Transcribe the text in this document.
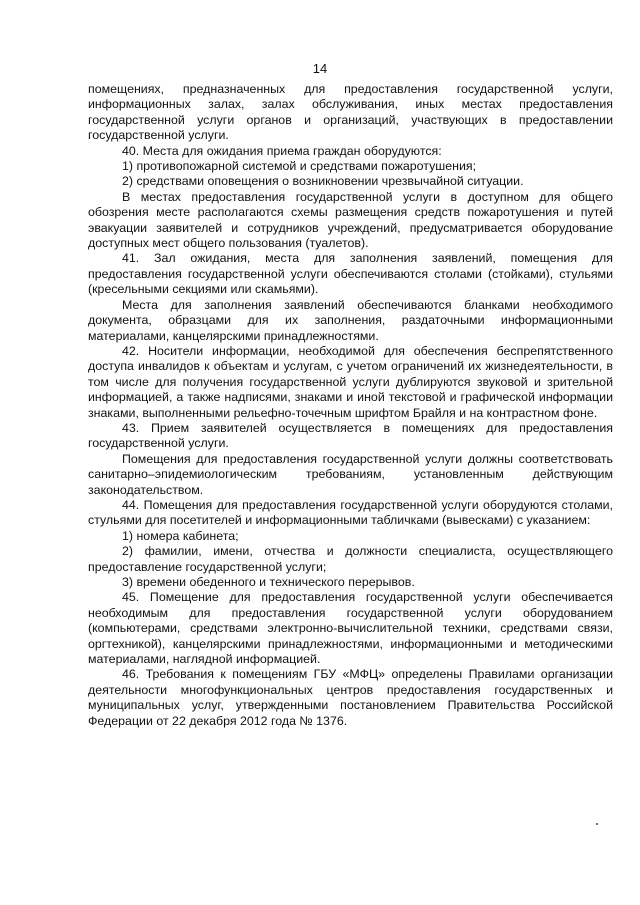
14

помещениях, предназначенных для предоставления государственной услуги, информационных залах, залах обслуживания, иных местах предоставления государственной услуги органов и организаций, участвующих в предоставлении государственной услуги.

40. Места для ожидания приема граждан оборудуются:

1) противопожарной системой и средствами пожаротушения;

2) средствами оповещения о возникновении чрезвычайной ситуации.

В местах предоставления государственной услуги в доступном для общего обозрения месте располагаются схемы размещения средств пожаротушения и путей эвакуации заявителей и сотрудников учреждений, предусматривается оборудование доступных мест общего пользования (туалетов).

41. Зал ожидания, места для заполнения заявлений, помещения для предоставления государственной услуги обеспечиваются столами (стойками), стульями (кресельными секциями или скамьями).

Места для заполнения заявлений обеспечиваются бланками необходимого документа, образцами для их заполнения, раздаточными информационными материалами, канцелярскими принадлежностями.

42. Носители информации, необходимой для обеспечения беспрепятственного доступа инвалидов к объектам и услугам, с учетом ограничений их жизнедеятельности, в том числе для получения государственной услуги дублируются звуковой и зрительной информацией, а также надписями, знаками и иной текстовой и графической информации знаками, выполненными рельефно-точечным шрифтом Брайля и на контрастном фоне.

43. Прием заявителей осуществляется в помещениях для предоставления государственной услуги.

Помещения для предоставления государственной услуги должны соответствовать санитарно–эпидемиологическим требованиям, установленным действующим законодательством.

44. Помещения для предоставления государственной услуги оборудуются столами, стульями для посетителей и информационными табличками (вывесками) с указанием:

1) номера кабинета;

2) фамилии, имени, отчества и должности специалиста, осуществляющего предоставление государственной услуги;

3) времени обеденного и технического перерывов.

45. Помещение для предоставления государственной услуги обеспечивается необходимым для предоставления государственной услуги оборудованием (компьютерами, средствами электронно-вычислительной техники, средствами связи, оргтехникой), канцелярскими принадлежностями, информационными и методическими материалами, наглядной информацией.

46. Требования к помещениям ГБУ «МФЦ» определены Правилами организации деятельности многофункциональных центров предоставления государственных и муниципальных услуг, утвержденными постановлением Правительства Российской Федерации от 22 декабря 2012 года № 1376.
